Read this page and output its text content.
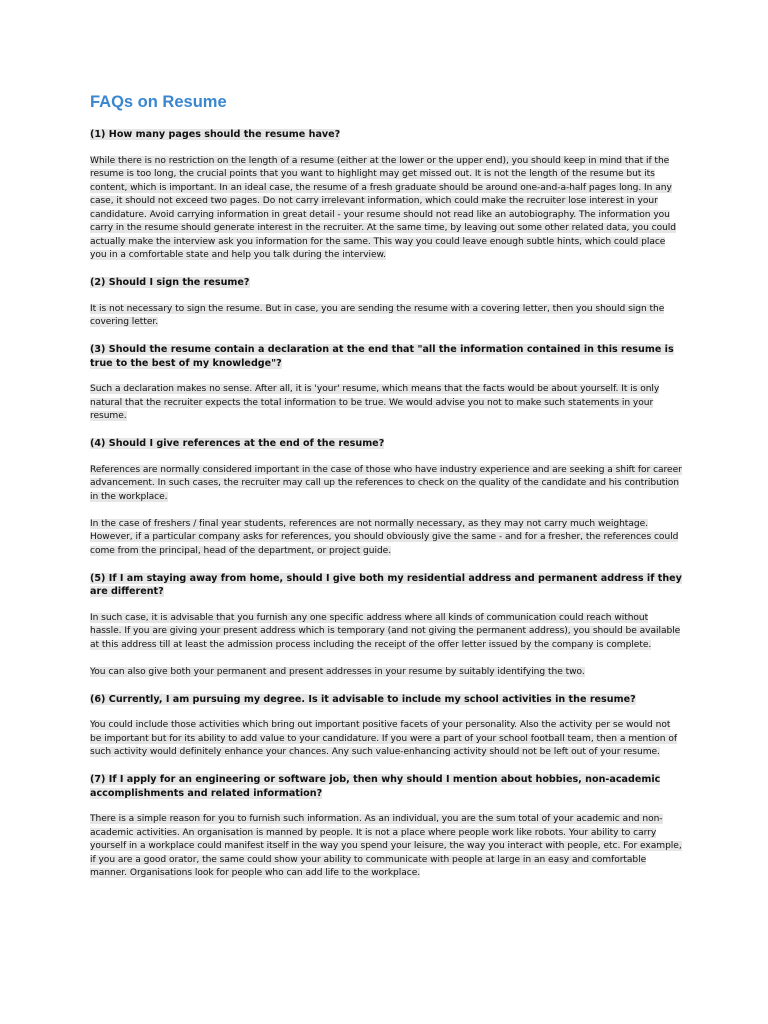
FAQs on Resume
(1) How many pages should the resume have?
While there is no restriction on the length of a resume (either at the lower or the upper end), you should keep in mind that if the resume is too long, the crucial points that you want to highlight may get missed out. It is not the length of the resume but its content, which is important. In an ideal case, the resume of a fresh graduate should be around one-and-a-half pages long. In any case, it should not exceed two pages. Do not carry irrelevant information, which could make the recruiter lose interest in your candidature. Avoid carrying information in great detail - your resume should not read like an autobiography. The information you carry in the resume should generate interest in the recruiter. At the same time, by leaving out some other related data, you could actually make the interview ask you information for the same. This way you could leave enough subtle hints, which could place you in a comfortable state and help you talk during the interview.
(2) Should I sign the resume?
It is not necessary to sign the resume. But in case, you are sending the resume with a covering letter, then you should sign the covering letter.
(3) Should the resume contain a declaration at the end that "all the information contained in this resume is true to the best of my knowledge"?
Such a declaration makes no sense. After all, it is 'your' resume, which means that the facts would be about yourself. It is only natural that the recruiter expects the total information to be true. We would advise you not to make such statements in your resume.
(4) Should I give references at the end of the resume?
References are normally considered important in the case of those who have industry experience and are seeking a shift for career advancement. In such cases, the recruiter may call up the references to check on the quality of the candidate and his contribution in the workplace.
In the case of freshers / final year students, references are not normally necessary, as they may not carry much weightage. However, if a particular company asks for references, you should obviously give the same - and for a fresher, the references could come from the principal, head of the department, or project guide.
(5) If I am staying away from home, should I give both my residential address and permanent address if they are different?
In such case, it is advisable that you furnish any one specific address where all kinds of communication could reach without hassle. If you are giving your present address which is temporary (and not giving the permanent address), you should be available at this address till at least the admission process including the receipt of the offer letter issued by the company is complete.
You can also give both your permanent and present addresses in your resume by suitably identifying the two.
(6) Currently, I am pursuing my degree. Is it advisable to include my school activities in the resume?
You could include those activities which bring out important positive facets of your personality. Also the activity per se would not be important but for its ability to add value to your candidature. If you were a part of your school football team, then a mention of such activity would definitely enhance your chances. Any such value-enhancing activity should not be left out of your resume.
(7) If I apply for an engineering or software job, then why should I mention about hobbies, non-academic accomplishments and related information?
There is a simple reason for you to furnish such information. As an individual, you are the sum total of your academic and non-academic activities. An organisation is manned by people. It is not a place where people work like robots. Your ability to carry yourself in a workplace could manifest itself in the way you spend your leisure, the way you interact with people, etc. For example, if you are a good orator, the same could show your ability to communicate with people at large in an easy and comfortable manner. Organisations look for people who can add life to the workplace.
